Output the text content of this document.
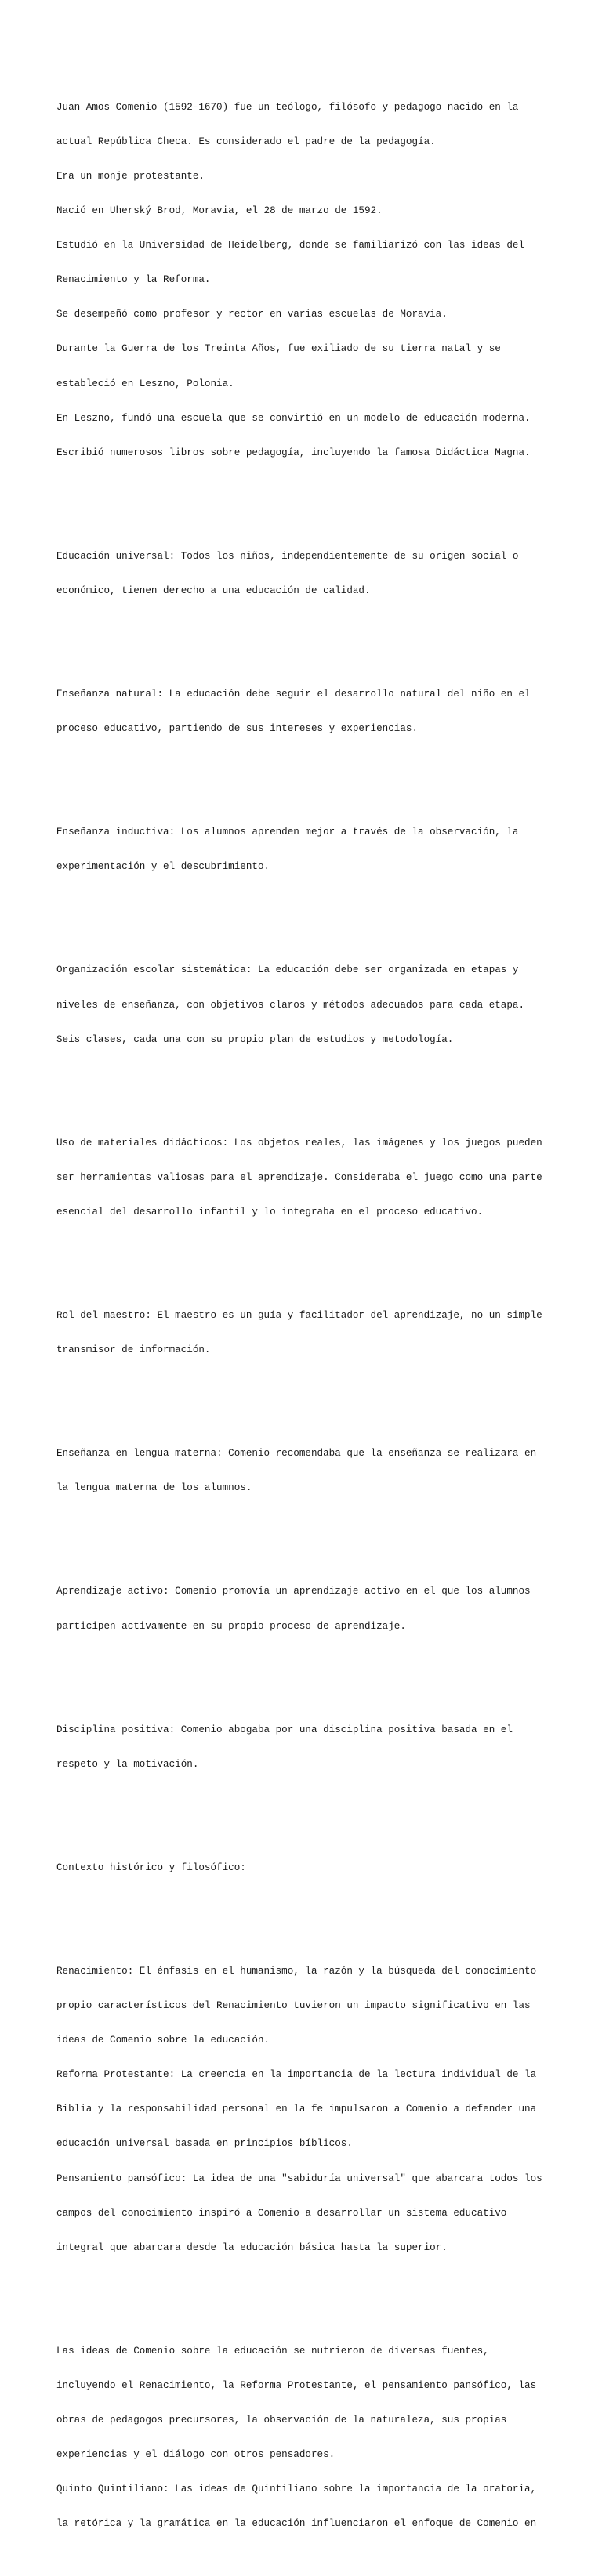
Juan Amos Comenio (1592-1670) fue un teólogo, filósofo y pedagogo nacido en la

actual República Checa. Es considerado el padre de la pedagogía.

Era un monje protestante.

Nació en Uherský Brod, Moravia, el 28 de marzo de 1592.

Estudió en la Universidad de Heidelberg, donde se familiarizó con las ideas del

Renacimiento y la Reforma.

Se desempeñó como profesor y rector en varias escuelas de Moravia.

Durante la Guerra de los Treinta Años, fue exiliado de su tierra natal y se

estableció en Leszno, Polonia.

En Leszno, fundó una escuela que se convirtió en un modelo de educación moderna.

Escribió numerosos libros sobre pedagogía, incluyendo la famosa Didáctica Magna.

Educación universal: Todos los niños, independientemente de su origen social o

económico, tienen derecho a una educación de calidad.

Enseñanza natural: La educación debe seguir el desarrollo natural del niño en el

proceso educativo, partiendo de sus intereses y experiencias.

Enseñanza inductiva: Los alumnos aprenden mejor a través de la observación, la

experimentación y el descubrimiento.

Organización escolar sistemática: La educación debe ser organizada en etapas y

niveles de enseñanza, con objetivos claros y métodos adecuados para cada etapa.

Seis clases, cada una con su propio plan de estudios y metodología.

Uso de materiales didácticos: Los objetos reales, las imágenes y los juegos pueden

ser herramientas valiosas para el aprendizaje. Consideraba el juego como una parte

esencial del desarrollo infantil y lo integraba en el proceso educativo.

Rol del maestro: El maestro es un guía y facilitador del aprendizaje, no un simple

transmisor de información.

Enseñanza en lengua materna: Comenio recomendaba que la enseñanza se realizara en

la lengua materna de los alumnos.

Aprendizaje activo: Comenio promovía un aprendizaje activo en el que los alumnos

participen activamente en su propio proceso de aprendizaje.

Disciplina positiva: Comenio abogaba por una disciplina positiva basada en el

respeto y la motivación.

Contexto histórico y filosófico:

Renacimiento: El énfasis en el humanismo, la razón y la búsqueda del conocimiento

propio característicos del Renacimiento tuvieron un impacto significativo en las

ideas de Comenio sobre la educación.

Reforma Protestante: La creencia en la importancia de la lectura individual de la

Biblia y la responsabilidad personal en la fe impulsaron a Comenio a defender una

educación universal basada en principios bíblicos.

Pensamiento pansófico: La idea de una "sabiduría universal" que abarcara todos los

campos del conocimiento inspiró a Comenio a desarrollar un sistema educativo

integral que abarcara desde la educación básica hasta la superior.

Las ideas de Comenio sobre la educación se nutrieron de diversas fuentes,

incluyendo el Renacimiento, la Reforma Protestante, el pensamiento pansófico, las

obras de pedagogos precursores, la observación de la naturaleza, sus propias

experiencias y el diálogo con otros pensadores.

Quinto Quintiliano: Las ideas de Quintiliano sobre la importancia de la oratoria,

la retórica y la gramática en la educación influenciaron el enfoque de Comenio en
